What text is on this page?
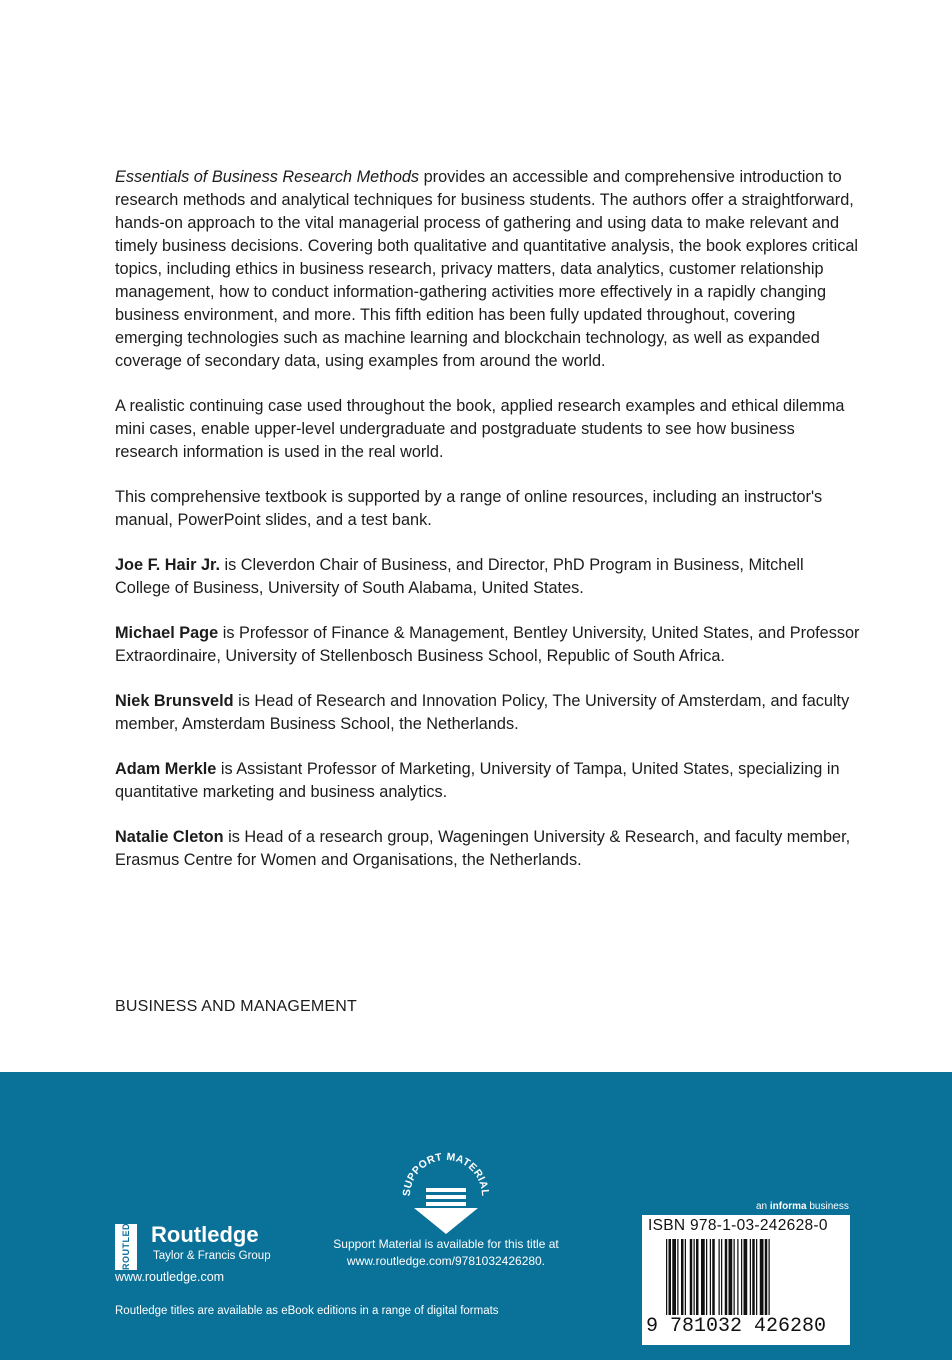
Essentials of Business Research Methods provides an accessible and comprehensive introduction to research methods and analytical techniques for business students. The authors offer a straightforward, hands-on approach to the vital managerial process of gathering and using data to make relevant and timely business decisions. Covering both qualitative and quantitative analysis, the book explores critical topics, including ethics in business research, privacy matters, data analytics, customer relationship management, how to conduct information-gathering activities more effectively in a rapidly changing business environment, and more. This fifth edition has been fully updated throughout, covering emerging technologies such as machine learning and blockchain technology, as well as expanded coverage of secondary data, using examples from around the world.

A realistic continuing case used throughout the book, applied research examples and ethical dilemma mini cases, enable upper-level undergraduate and postgraduate students to see how business research information is used in the real world.

This comprehensive textbook is supported by a range of online resources, including an instructor's manual, PowerPoint slides, and a test bank.

Joe F. Hair Jr. is Cleverdon Chair of Business, and Director, PhD Program in Business, Mitchell College of Business, University of South Alabama, United States.

Michael Page is Professor of Finance & Management, Bentley University, United States, and Professor Extraordinaire, University of Stellenbosch Business School, Republic of South Africa.

Niek Brunsveld is Head of Research and Innovation Policy, The University of Amsterdam, and faculty member, Amsterdam Business School, the Netherlands.

Adam Merkle is Assistant Professor of Marketing, University of Tampa, United States, specializing in quantitative marketing and business analytics.

Natalie Cleton is Head of a research group, Wageningen University & Research, and faculty member, Erasmus Centre for Women and Organisations, the Netherlands.

BUSINESS AND MANAGEMENT
SUPPORT MATERIAL
Support Material is available for this title at
www.routledge.com/9781032426280.
ROUTLEDGE Routledge
Taylor & Francis Group
www.routledge.com
Routledge titles are available as eBook editions in a range of digital formats
an informa business
ISBN 978-1-03-242628-0
9 781032 426280
